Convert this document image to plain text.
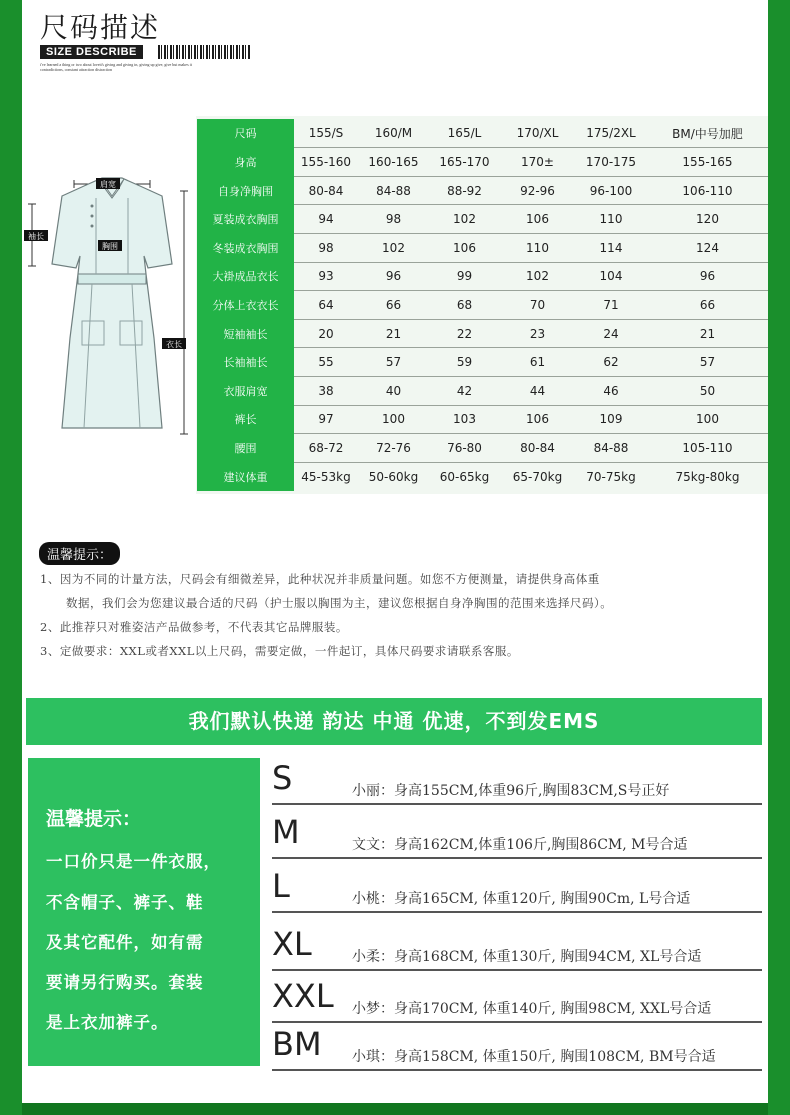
尺码描述
SIZE DESCRIBE
i've learned a thing or two about loveit's giving and giving in, giving up give, give but makes it contradictions, constant attraction distraction
肩宽
袖长
胸围
衣长
尺码	155/S	160/M	165/L	170/XL	175/2XL	BM/中号加肥
身高	155-160	160-165	165-170	170±	170-175	155-165
自身净胸围	80-84	84-88	88-92	92-96	96-100	106-110
夏装成衣胸围	94	98	102	106	110	120
冬装成衣胸围	98	102	106	110	114	124
大褂成品衣长	93	96	99	102	104	96
分体上衣衣长	64	66	68	70	71	66
短袖袖长	20	21	22	23	24	21
长袖袖长	55	57	59	61	62	57
衣服肩宽	38	40	42	44	46	50
裤长	97	100	103	106	109	100
腰围	68-72	72-76	76-80	80-84	84-88	105-110
建议体重	45-53kg	50-60kg	60-65kg	65-70kg	70-75kg	75kg-80kg
温馨提示：
1、因为不同的计量方法，尺码会有细微差异，此种状况并非质量问题。如您不方便测量，请提供身高体重
数据，我们会为您建议最合适的尺码（护士服以胸围为主，建议您根据自身净胸围的范围来选择尺码）。
2、此推荐只对雅姿洁产品做参考，不代表其它品牌服装。
3、定做要求：XXL或者XXL以上尺码，需要定做，一件起订，具体尺码要求请联系客服。
我们默认快递 韵达 中通 优速，不到发EMS
温馨提示：
一口价只是一件衣服，
不含帽子、裤子、鞋
及其它配件，如有需
要请另行购买。套装
是上衣加裤子。
S	小丽：身高155CM,体重96斤,胸围83CM,S号正好
M	文文：身高162CM,体重106斤,胸围86CM, M号合适
L	小桃：身高165CM, 体重120斤, 胸围90Cm, L号合适
XL	小柔：身高168CM, 体重130斤, 胸围94CM, XL号合适
XXL 小梦：身高170CM, 体重140斤, 胸围98CM, XXL号合适
BM 小琪：身高158CM, 体重150斤, 胸围108CM, BM号合适
